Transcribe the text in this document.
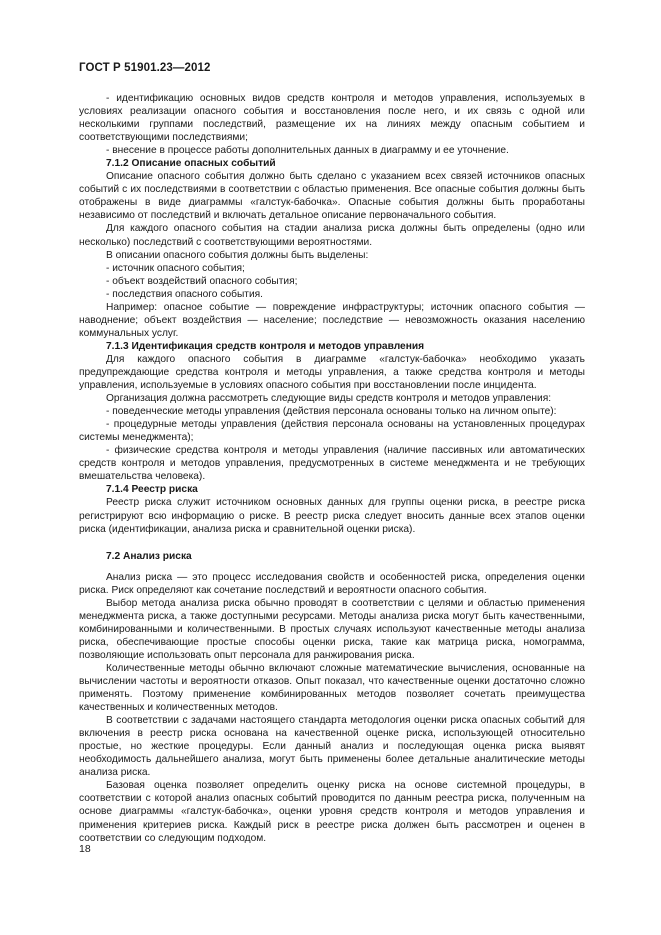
ГОСТ Р 51901.23—2012

- идентификацию основных видов средств контроля и методов управления, используемых в условиях реализации опасного события и восстановления после него, и их связь с одной или несколькими группами последствий, размещение их на линиях между опасным событием и соответствующими последствиями;

- внесение в процессе работы дополнительных данных в диаграмму и ее уточнение.

7.1.2 Описание опасных событий

Описание опасного события должно быть сделано с указанием всех связей источников опасных событий с их последствиями в соответствии с областью применения. Все опасные события должны быть отображены в виде диаграммы «галстук-бабочка». Опасные события должны быть проработаны независимо от последствий и включать детальное описание первоначального события.

Для каждого опасного события на стадии анализа риска должны быть определены (одно или несколько) последствий с соответствующими вероятностями.

В описании опасного события должны быть выделены:

- источник опасного события;

- объект воздействий опасного события;

- последствия опасного события.

Например: опасное событие — повреждение инфраструктуры; источник опасного события — наводнение; объект воздействия — население; последствие — невозможность оказания населению коммунальных услуг.

7.1.3 Идентификация средств контроля и методов управления

Для каждого опасного события в диаграмме «галстук-бабочка» необходимо указать предупреждающие средства контроля и методы управления, а также средства контроля и методы управления, используемые в условиях опасного события при восстановлении после инцидента.

Организация должна рассмотреть следующие виды средств контроля и методов управления:

- поведенческие методы управления (действия персонала основаны только на личном опыте):

- процедурные методы управления (действия персонала основаны на установленных процедурах системы менеджмента);

- физические средства контроля и методы управления (наличие пассивных или автоматических средств контроля и методов управления, предусмотренных в системе менеджмента и не требующих вмешательства человека).

7.1.4 Реестр риска

Реестр риска служит источником основных данных для группы оценки риска, в реестре риска регистрируют всю информацию о риске. В реестр риска следует вносить данные всех этапов оценки риска (идентификации, анализа риска и сравнительной оценки риска).

7.2 Анализ риска

Анализ риска — это процесс исследования свойств и особенностей риска, определения оценки риска. Риск определяют как сочетание последствий и вероятности опасного события.

Выбор метода анализа риска обычно проводят в соответствии с целями и областью применения менеджмента риска, а также доступными ресурсами. Методы анализа риска могут быть качественными, комбинированными и количественными. В простых случаях используют качественные методы анализа риска, обеспечивающие простые способы оценки риска, такие как матрица риска, номограмма, позволяющие использовать опыт персонала для ранжирования риска.

Количественные методы обычно включают сложные математические вычисления, основанные на вычислении частоты и вероятности отказов. Опыт показал, что качественные оценки достаточно сложно применять. Поэтому применение комбинированных методов позволяет сочетать преимущества качественных и количественных методов.

В соответствии с задачами настоящего стандарта методология оценки риска опасных событий для включения в реестр риска основана на качественной оценке риска, использующей относительно простые, но жесткие процедуры. Если данный анализ и последующая оценка риска выявят необходимость дальнейшего анализа, могут быть применены более детальные аналитические методы анализа риска.

Базовая оценка позволяет определить оценку риска на основе системной процедуры, в соответствии с которой анализ опасных событий проводится по данным реестра риска, полученным на основе диаграммы «галстук-бабочка», оценки уровня средств контроля и методов управления и применения критериев риска. Каждый риск в реестре риска должен быть рассмотрен и оценен в соответствии со следующим подходом.

18
